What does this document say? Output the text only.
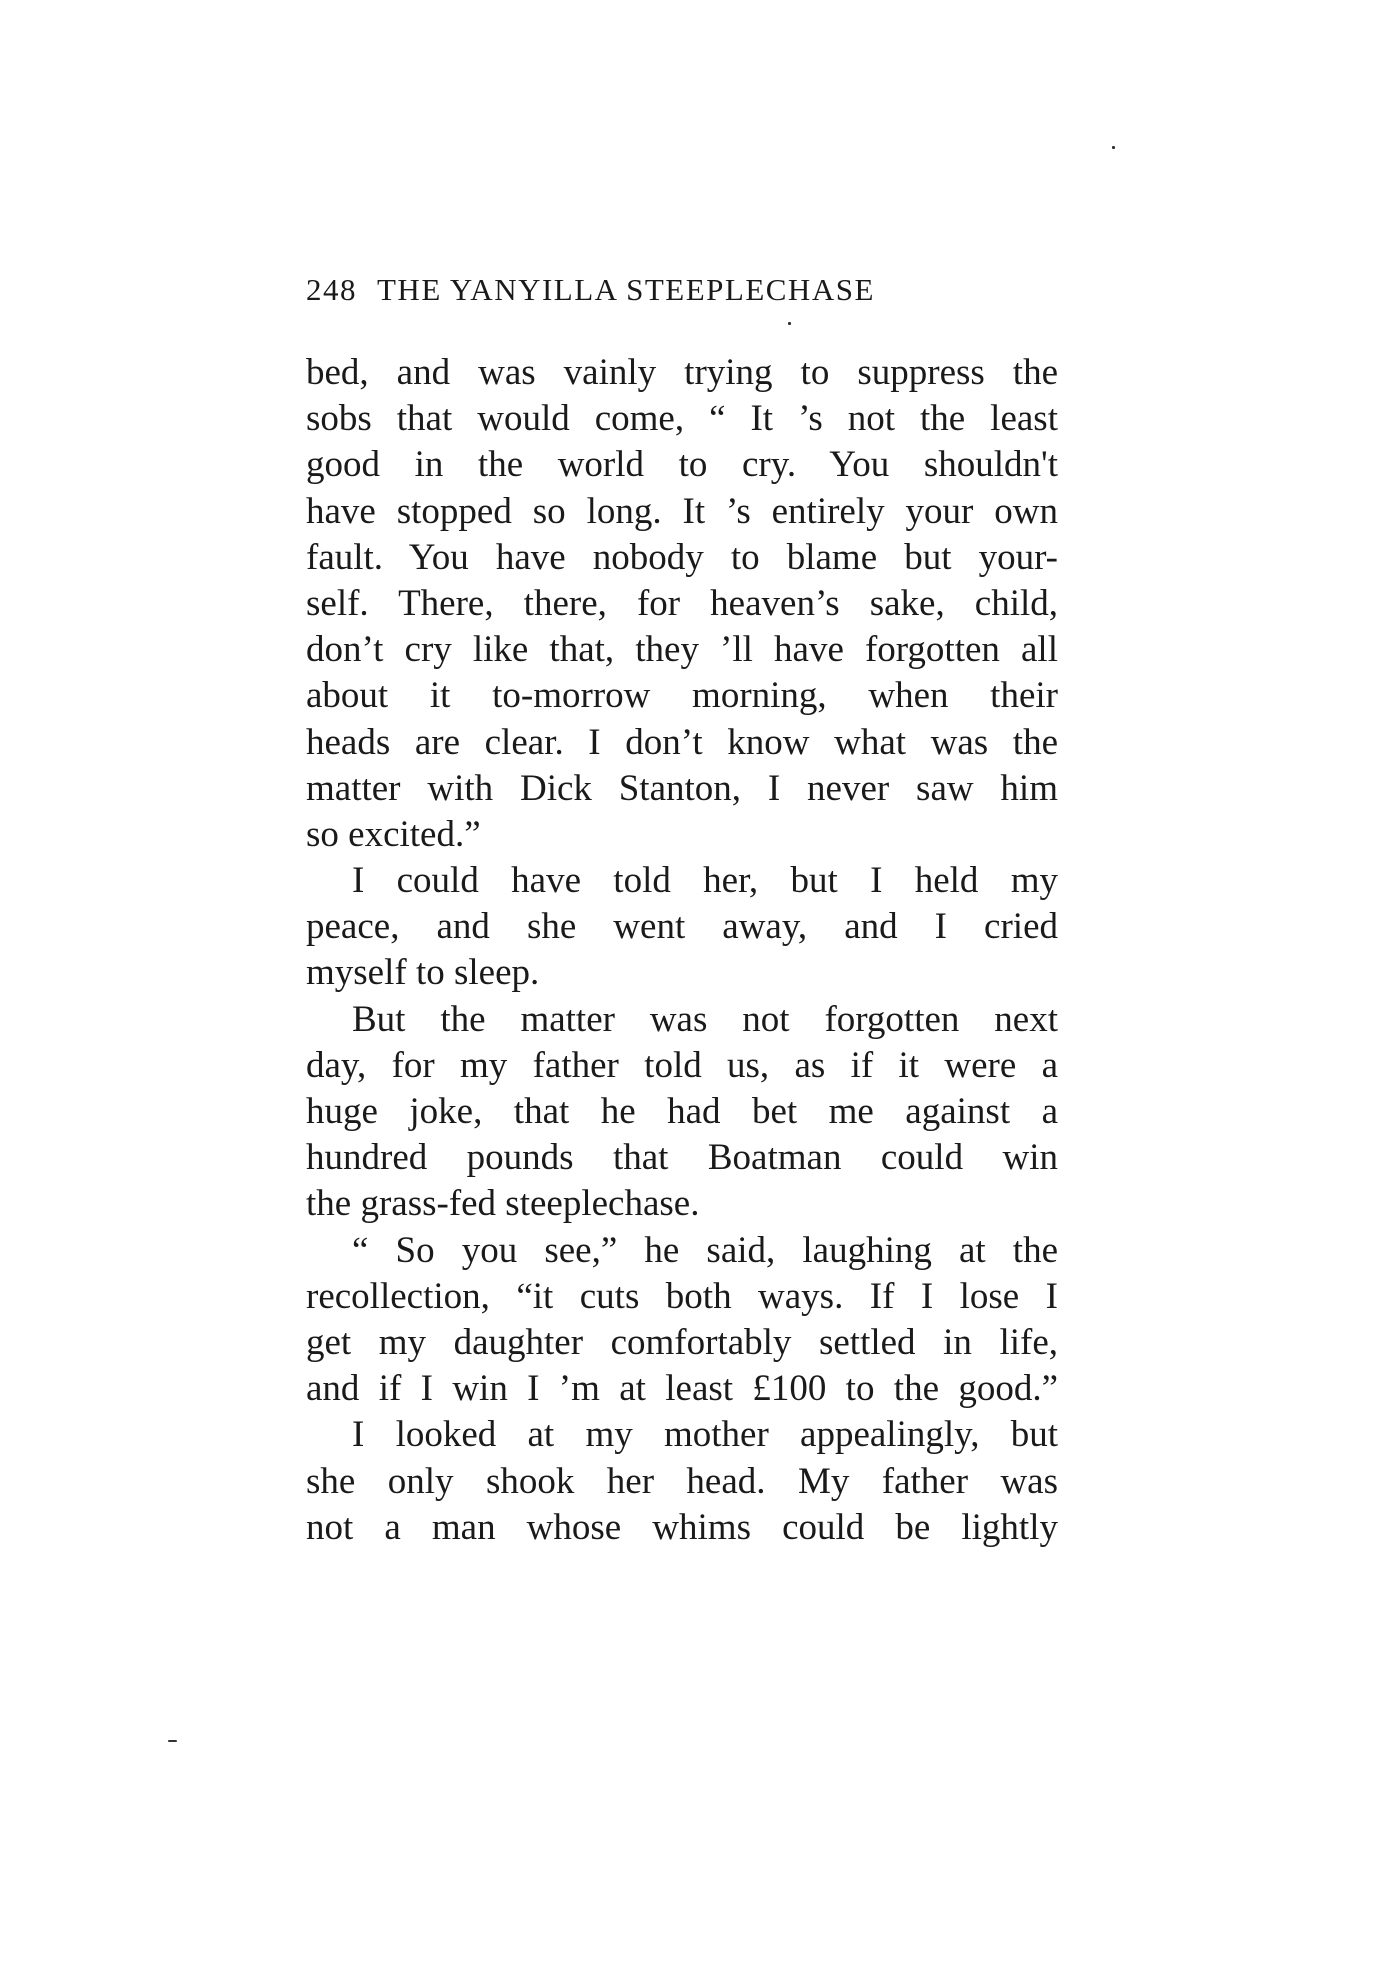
248 THE YANYILLA STEEPLECHASE
bed, and was vainly trying to suppress the
sobs that would come, “ It ’s not the least
good in the world to cry. You shouldn't
have stopped so long. It ’s entirely your own
fault. You have nobody to blame but your-
self. There, there, for heaven’s sake, child,
don’t cry like that, they ’ll have forgotten all
about it to-morrow morning, when their
heads are clear. I don’t know what was the
matter with Dick Stanton, I never saw him
so excited.”
I could have told her, but I held my
peace, and she went away, and I cried
myself to sleep.
But the matter was not forgotten next
day, for my father told us, as if it were a
huge joke, that he had bet me against a
hundred pounds that Boatman could win
the grass-fed steeplechase.
“ So you see,” he said, laughing at the
recollection, “it cuts both ways. If I lose I
get my daughter comfortably settled in life,
and if I win I ’m at least £100 to the good.”
I looked at my mother appealingly, but
she only shook her head. My father was
not a man whose whims could be lightly
